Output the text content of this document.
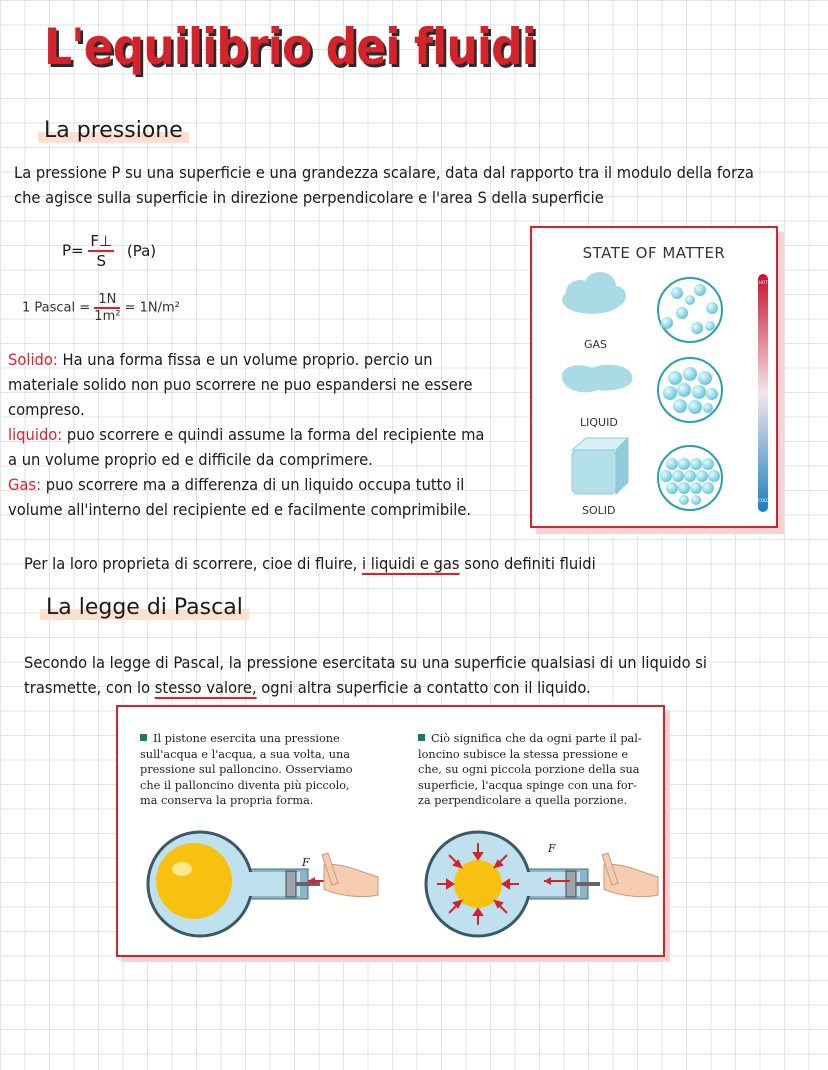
L'equilibrio dei fluidi
La pressione
La pressione P su una superficie e una grandezza scalare, data dal rapporto tra il modulo della forza
che agisce sulla superficie in direzione perpendicolare e l'area S della superficie
$P= \frac{F\perp}{S} (Pa)$
1 Pascal = $\frac{1N}{\text{1m²}} = 1N/m^2$
Solido: Ha una forma fissa e un volume proprio. percio un
materiale solido non puo scorrere ne puo espandersi ne essere
compreso.
liquido: puo scorrere e quindi assume la forma del recipiente ma
a un volume proprio ed e difficile da comprimere.
Gas: puo scorrere ma a differenza di un liquido occupa tutto il
volume all'interno del recipiente ed e facilmente comprimibile.
Per la loro proprieta di scorrere, cioe di fluire, i liquidi e gas sono definiti fluidi
STATE OF MATTER
GAS
LIQUID
SOLID
HOT
COLD
La legge di Pascal
Secondo la legge di Pascal, la pressione esercitata su una superficie qualsiasi di un liquido si
trasmette, con lo stesso valore, ogni altra superficie a contatto con il liquido.
Il pistone esercita una pressione
sull'acqua e l'acqua, a sua volta, una
pressione sul palloncino. Osserviamo
che il palloncino diventa più piccolo,
ma conserva la propria forma.
Ciò significa che da ogni parte il pal-
loncino subisce la stessa pressione e
che, su ogni piccola porzione della sua
superficie, l'acqua spinge con una for-
za perpendicolare a quella porzione.
F
F
